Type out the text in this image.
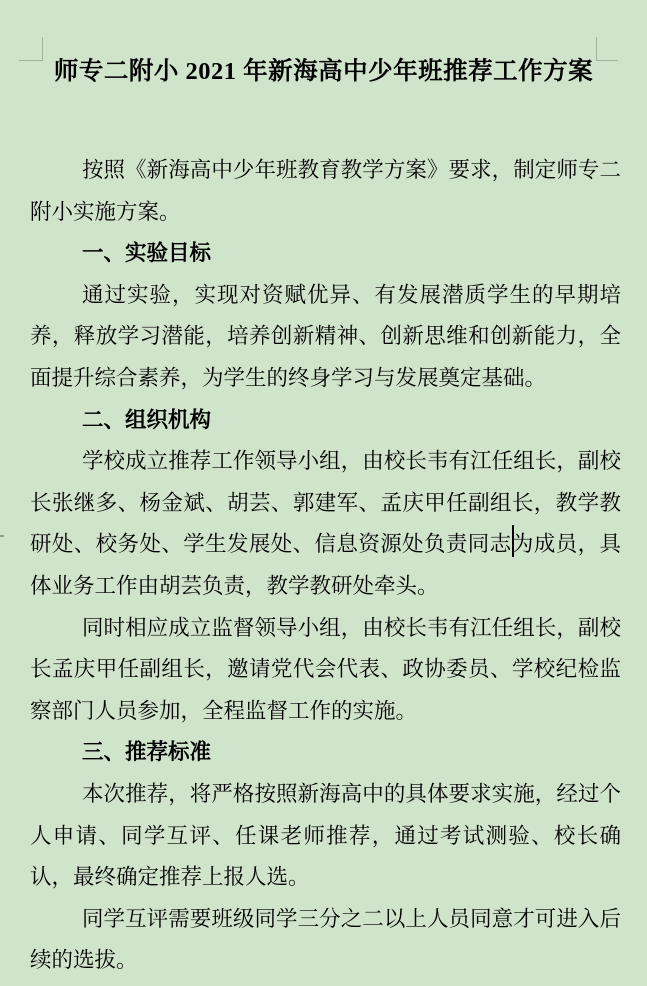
师专二附小 2021 年新海高中少年班推荐工作方案

按照《新海高中少年班教育教学方案》要求，制定师专二附小实施方案。

一、实验目标

通过实验，实现对资赋优异、有发展潜质学生的早期培养，释放学习潜能，培养创新精神、创新思维和创新能力，全面提升综合素养，为学生的终身学习与发展奠定基础。

二、组织机构

学校成立推荐工作领导小组，由校长韦有江任组长，副校长张继多、杨金斌、胡芸、郭建军、孟庆甲任副组长，教学教研处、校务处、学生发展处、信息资源处负责同志为成员，具体业务工作由胡芸负责，教学教研处牵头。

同时相应成立监督领导小组，由校长韦有江任组长，副校长孟庆甲任副组长，邀请党代会代表、政协委员、学校纪检监察部门人员参加，全程监督工作的实施。

三、推荐标准

本次推荐，将严格按照新海高中的具体要求实施，经过个人申请、同学互评、任课老师推荐，通过考试测验、校长确认，最终确定推荐上报人选。

同学互评需要班级同学三分之二以上人员同意才可进入后续的选拔。
